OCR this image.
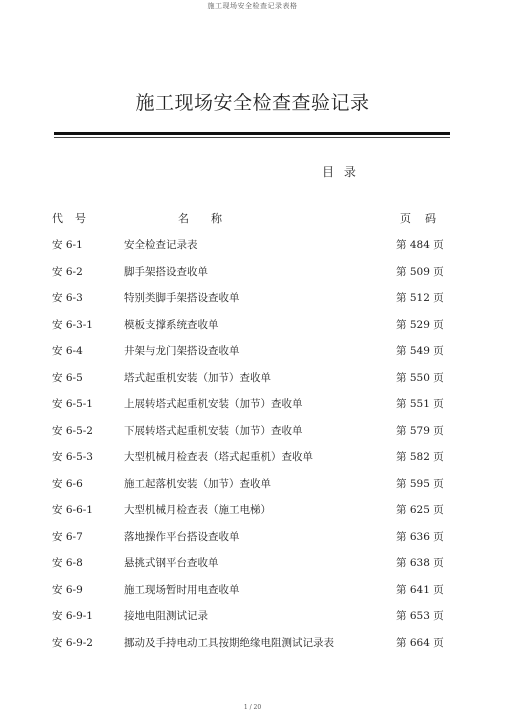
施工现场安全检查记录表格
施工现场安全检查查验记录
目 录
代号	名称	页码
安 6-1	安全检查记录表	第 484 页
安 6-2	脚手架搭设查收单	第 509 页
安 6-3	特别类脚手架搭设查收单	第 512 页
安 6-3-1	模板支撑系统查收单	第 529 页
安 6-4	井架与龙门架搭设查收单	第 549 页
安 6-5	塔式起重机安装（加节）查收单	第 550 页
安 6-5-1	上展转塔式起重机安装（加节）查收单	第 551 页
安 6-5-2	下展转塔式起重机安装（加节）查收单	第 579 页
安 6-5-3	大型机械月检查表（塔式起重机）查收单	第 582 页
安 6-6	施工起落机安装（加节）查收单	第 595 页
安 6-6-1	大型机械月检查表（施工电梯）	第 625 页
安 6-7	落地操作平台搭设查收单	第 636 页
安 6-8	悬挑式钢平台查收单	第 638 页
安 6-9	施工现场暂时用电查收单	第 641 页
安 6-9-1	接地电阻测试记录	第 653 页
安 6-9-2	挪动及手持电动工具按期绝缘电阻测试记录表	第 664 页
1 / 20
